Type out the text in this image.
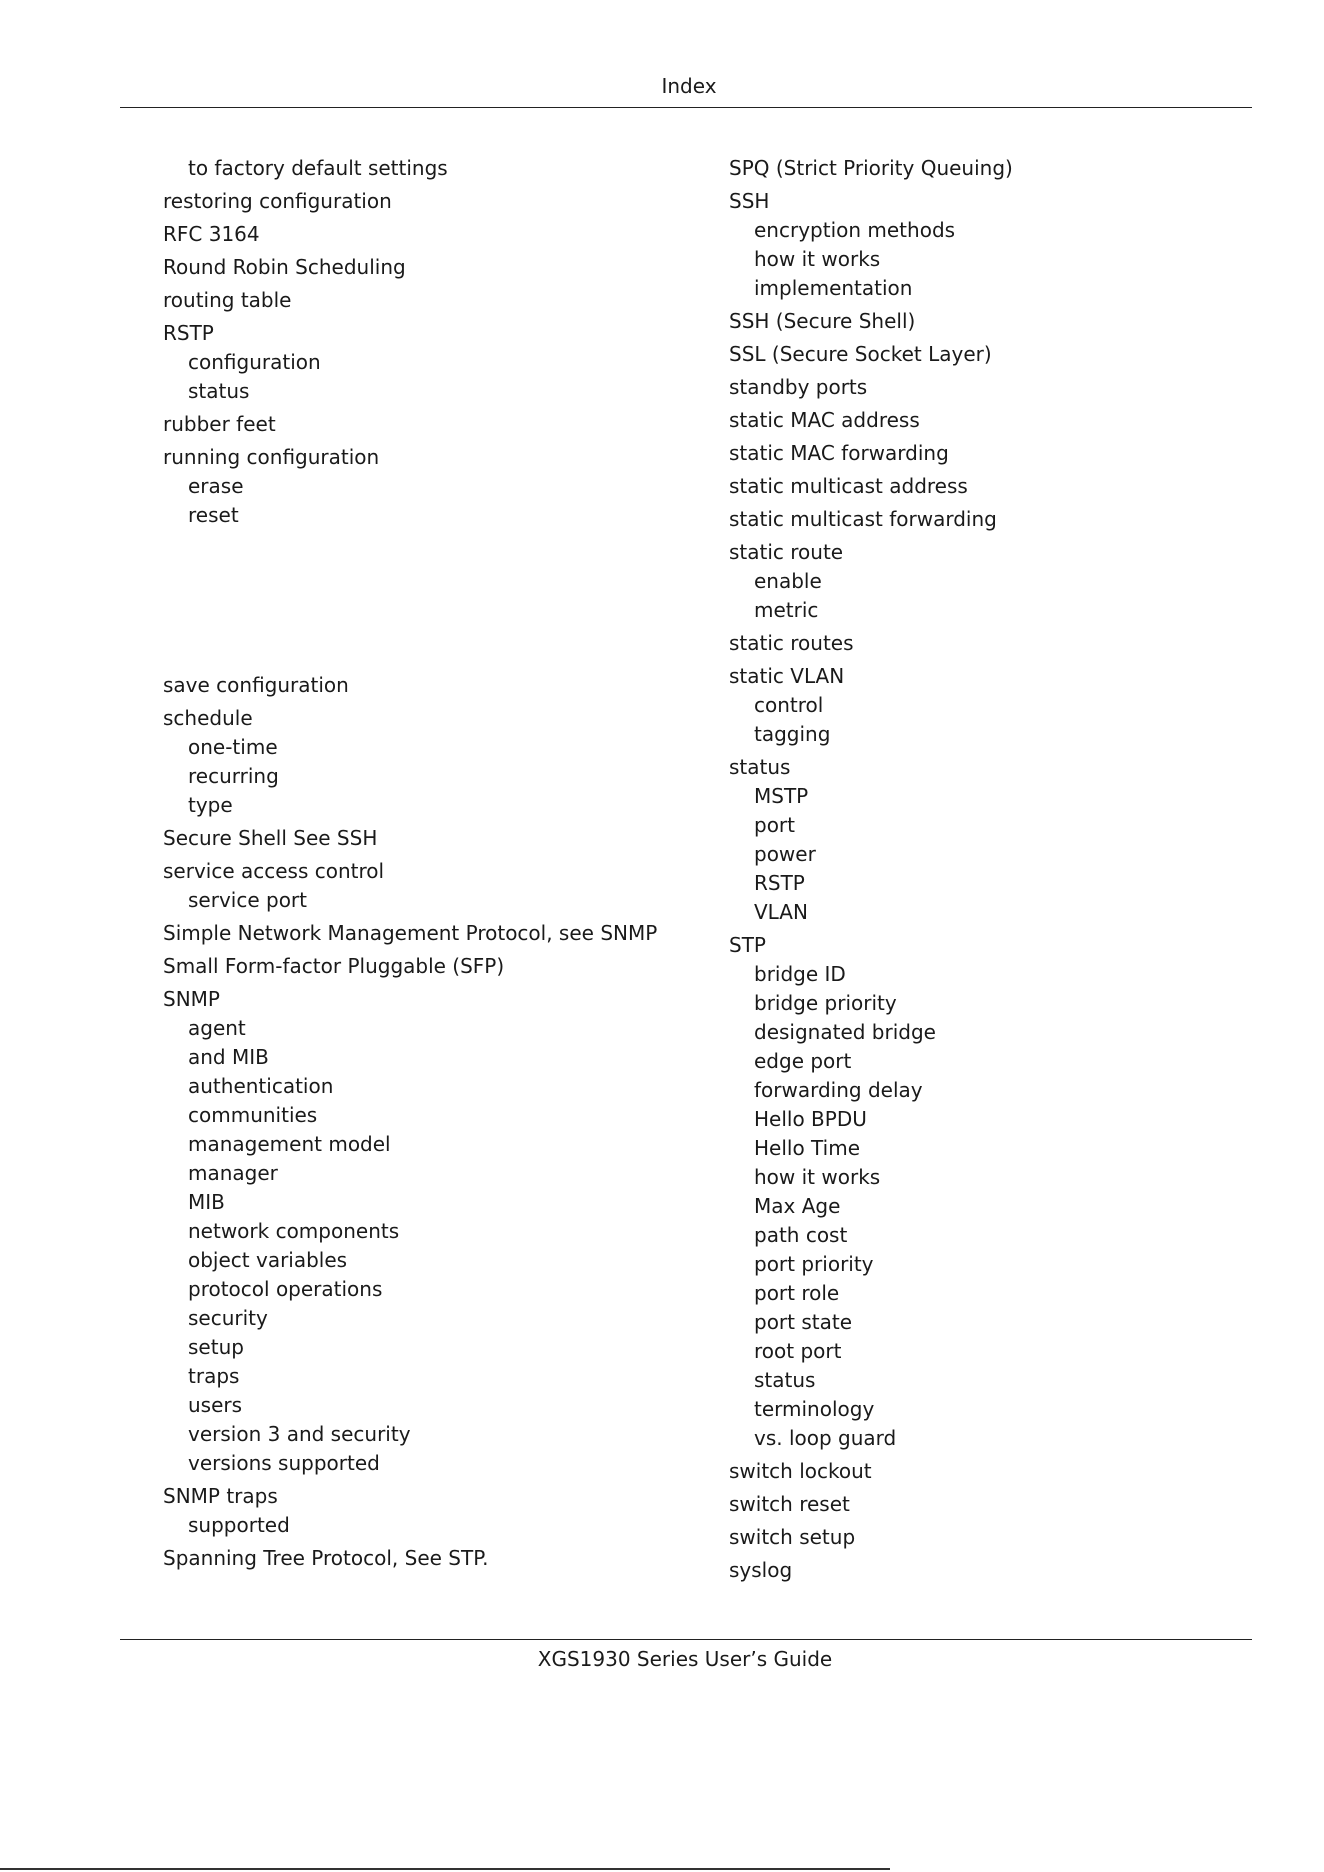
Index
to factory default settings
restoring configuration
RFC 3164
Round Robin Scheduling
routing table
RSTP
configuration
status
rubber feet
running configuration
erase
reset
save configuration
schedule
one-time
recurring
type
Secure Shell See SSH
service access control
service port
Simple Network Management Protocol, see SNMP
Small Form-factor Pluggable (SFP)
SNMP
agent
and MIB
authentication
communities
management model
manager
MIB
network components
object variables
protocol operations
security
setup
traps
users
version 3 and security
versions supported
SNMP traps
supported
Spanning Tree Protocol, See STP.
SPQ (Strict Priority Queuing)
SSH
encryption methods
how it works
implementation
SSH (Secure Shell)
SSL (Secure Socket Layer)
standby ports
static MAC address
static MAC forwarding
static multicast address
static multicast forwarding
static route
enable
metric
static routes
static VLAN
control
tagging
status
MSTP
port
power
RSTP
VLAN
STP
bridge ID
bridge priority
designated bridge
edge port
forwarding delay
Hello BPDU
Hello Time
how it works
Max Age
path cost
port priority
port role
port state
root port
status
terminology
vs. loop guard
switch lockout
switch reset
switch setup
syslog
XGS1930 Series User’s Guide
